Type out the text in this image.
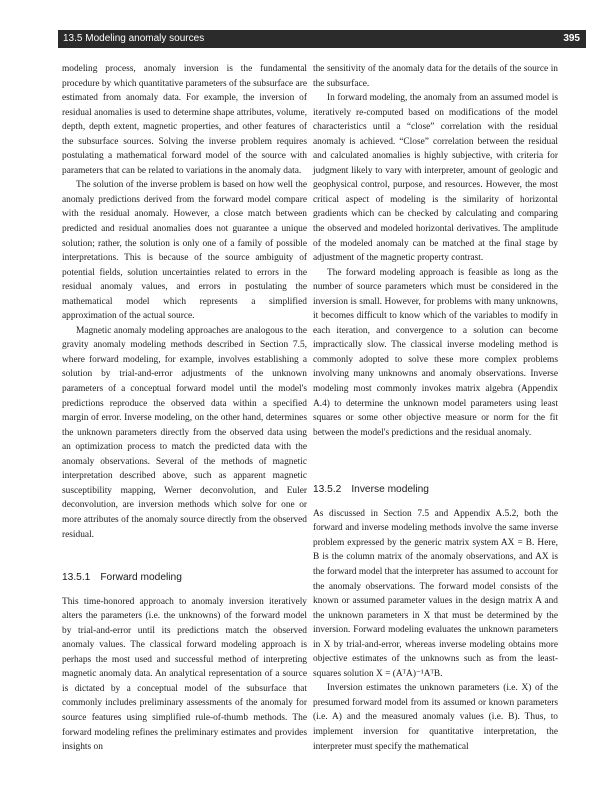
13.5 Modeling anomaly sources	395

modeling process, anomaly inversion is the fundamental procedure by which quantitative parameters of the subsurface are estimated from anomaly data. For example, the inversion of residual anomalies is used to determine shape attributes, volume, depth, depth extent, magnetic properties, and other features of the subsurface sources. Solving the inverse problem requires postulating a mathematical forward model of the source with parameters that can be related to variations in the anomaly data.

The solution of the inverse problem is based on how well the anomaly predictions derived from the forward model compare with the residual anomaly. However, a close match between predicted and residual anomalies does not guarantee a unique solution; rather, the solution is only one of a family of possible interpretations. This is because of the source ambiguity of potential fields, solution uncertainties related to errors in the residual anomaly values, and errors in postulating the mathematical model which represents a simplified approximation of the actual source.

Magnetic anomaly modeling approaches are analogous to the gravity anomaly modeling methods described in Section 7.5, where forward modeling, for example, involves establishing a solution by trial-and-error adjustments of the unknown parameters of a conceptual forward model until the model's predictions reproduce the observed data within a specified margin of error. Inverse modeling, on the other hand, determines the unknown parameters directly from the observed data using an optimization process to match the predicted data with the anomaly observations. Several of the methods of magnetic interpretation described above, such as apparent magnetic susceptibility mapping, Werner deconvolution, and Euler deconvolution, are inversion methods which solve for one or more attributes of the anomaly source directly from the observed residual.

13.5.1 Forward modeling

This time-honored approach to anomaly inversion iteratively alters the parameters (i.e. the unknowns) of the forward model by trial-and-error until its predictions match the observed anomaly values. The classical forward modeling approach is perhaps the most used and successful method of interpreting magnetic anomaly data. An analytical representation of a source is dictated by a conceptual model of the subsurface that commonly includes preliminary assessments of the anomaly for source features using simplified rule-of-thumb methods. The forward modeling refines the preliminary estimates and provides insights on

the sensitivity of the anomaly data for the details of the source in the subsurface.

In forward modeling, the anomaly from an assumed model is iteratively re-computed based on modifications of the model characteristics until a “close” correlation with the residual anomaly is achieved. “Close” correlation between the residual and calculated anomalies is highly subjective, with criteria for judgment likely to vary with interpreter, amount of geologic and geophysical control, purpose, and resources. However, the most critical aspect of modeling is the similarity of horizontal gradients which can be checked by calculating and comparing the observed and modeled horizontal derivatives. The amplitude of the modeled anomaly can be matched at the final stage by adjustment of the magnetic property contrast.

The forward modeling approach is feasible as long as the number of source parameters which must be considered in the inversion is small. However, for problems with many unknowns, it becomes difficult to know which of the variables to modify in each iteration, and convergence to a solution can become impractically slow. The classical inverse modeling method is commonly adopted to solve these more complex problems involving many unknowns and anomaly observations. Inverse modeling most commonly invokes matrix algebra (Appendix A.4) to determine the unknown model parameters using least squares or some other objective measure or norm for the fit between the model's predictions and the residual anomaly.

13.5.2 Inverse modeling

As discussed in Section 7.5 and Appendix A.5.2, both the forward and inverse modeling methods involve the same inverse problem expressed by the generic matrix system AX = B. Here, B is the column matrix of the anomaly observations, and AX is the forward model that the interpreter has assumed to account for the anomaly observations. The forward model consists of the known or assumed parameter values in the design matrix A and the unknown parameters in X that must be determined by the inversion. Forward modeling evaluates the unknown parameters in X by trial-and-error, whereas inverse modeling obtains more objective estimates of the unknowns such as from the least-squares solution X = (AᵀA)⁻¹AᵀB.

Inversion estimates the unknown parameters (i.e. X) of the presumed forward model from its assumed or known parameters (i.e. A) and the measured anomaly values (i.e. B). Thus, to implement inversion for quantitative interpretation, the interpreter must specify the mathematical
